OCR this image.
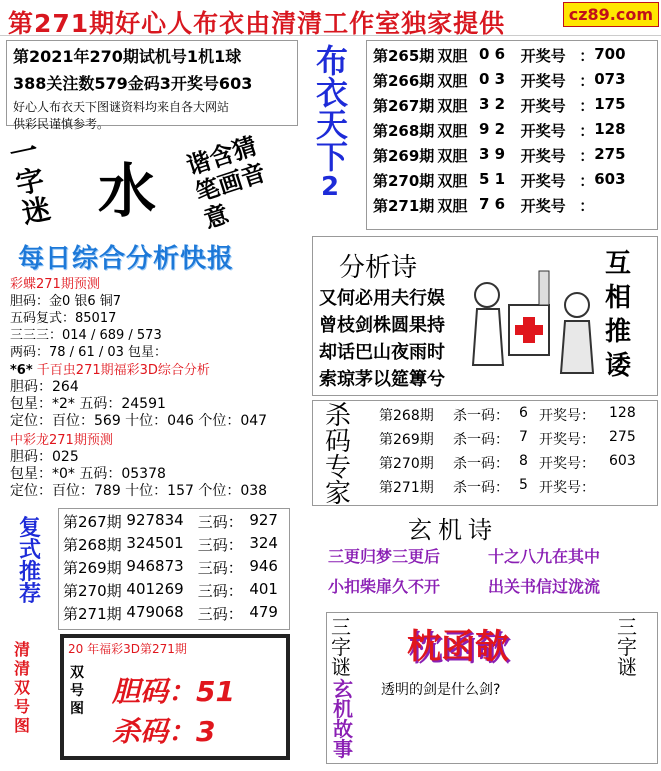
第271期好心人布衣由清清工作室独家提供	cz89.com
第2021年270期试机号1机1球
388关注数579金码3开奖号603
好心人布衣天下图谜资料均来自各大网站
供彩民谨慎参考。
一字迷 水
谐含猜笔画音意
布衣天下
2
第265期 双胆 0 6	开奖号 ： 700
第266期 双胆 0 3	开奖号 ： 073
第267期 双胆 3 2	开奖号 ： 175
第268期 双胆 9 2	开奖号 ： 128
第269期 双胆 3 9	开奖号 ： 275
第270期 双胆 5 1	开奖号 ： 603
第271期 双胆 7 6	开奖号 ：
每日综合分析快报
彩蝶271期预测
胆码：金0 银6 铜7
五码复式：85017
三三三：014 / 689 / 573
两码：78 / 61 / 03 包星：
*6* 千百虫271期福彩3D综合分析
胆码：264
包星：*2* 五码：24591
定位：百位：569 十位：046 个位：047
中彩龙271期预测
胆码：025
包星：*0* 五码：05378
定位：百位：789 十位：157 个位：038
分析诗
又何必用夫行娱
曾枝剑株圆果持
却话巴山夜雨时
索琼茅以筵篿兮
互相推诿
杀码专家
第268期	杀一码： 6 开奖号：	128
第269期	杀一码： 7 开奖号：	275
第270期	杀一码： 8 开奖号：	603
第271期	杀一码： 5 开奖号：
复式推荐
第267期 927834 三码： 927
第268期 324501 三码： 324
第269期 946873 三码： 946
第270期 401269 三码： 401
第271期 479068 三码： 479
玄机诗
三更归梦三更后	十之八九在其中
小扣柴扉久不开	出关书信过泷流
清清双号图
20 年福彩3D第271期
双号图
胆码：51
杀码：3
三字谜 枕函欹	三字谜
玄机故事
透明的剑是什么剑?
